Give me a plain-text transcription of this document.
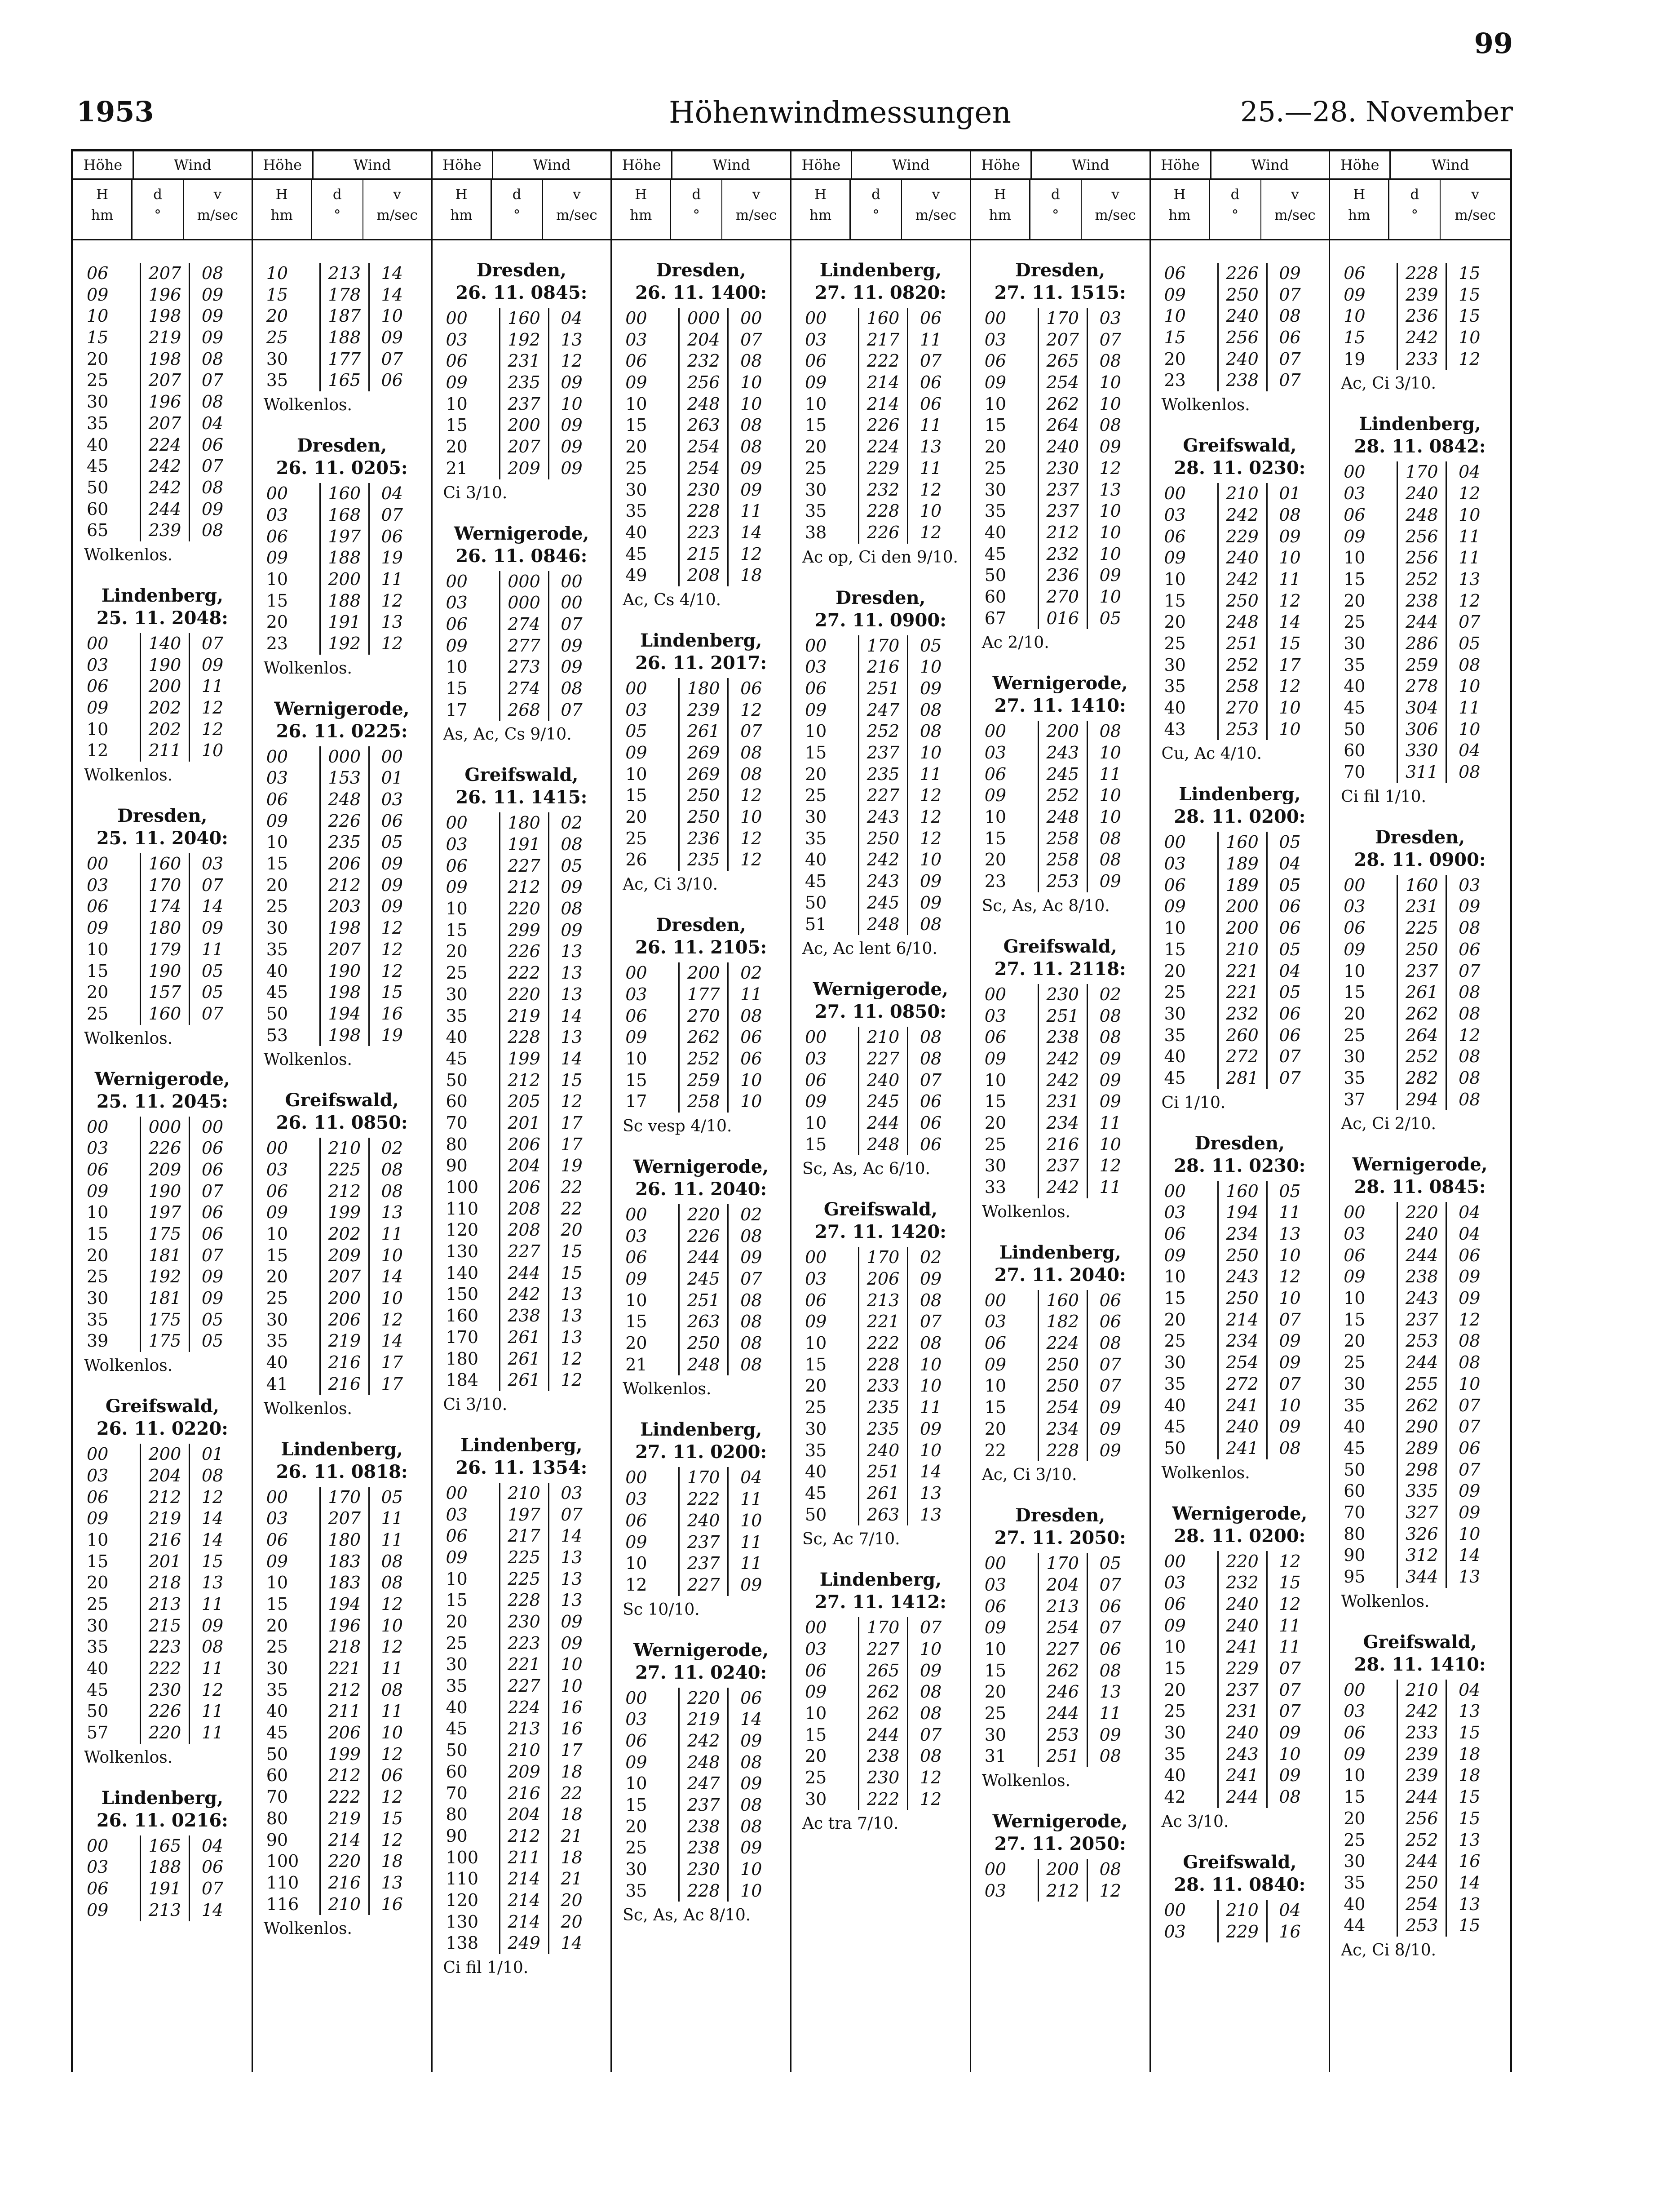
99
1953	Höhenwindmessungen	25.—28. November
Höhe	Wind
H
hm
d
°
v
m/sec
06	207	08
09	196	09
10	198	09
15	219	09
20	198	08
25	207	07
30	196	08
35	207	04
40	224	06
45	242	07
50	242	08
60	244	09
65	239	08
Wolkenlos.
Lindenberg,
25. 11. 2048:
00	140	07
03	190	09
06	200	11
09	202	12
10	202	12
12	211	10
Wolkenlos.
Dresden,
25. 11. 2040:
00	160	03
03	170	07
06	174	14
09	180	09
10	179	11
15	190	05
20	157	05
25	160	07
Wolkenlos.
Wernigerode,
25. 11. 2045:
00	000	00
03	226	06
06	209	06
09	190	07
10	197	06
15	175	06
20	181	07
25	192	09
30	181	09
35	175	05
39	175	05
Wolkenlos.
Greifswald,
26. 11. 0220:
00	200	01
03	204	08
06	212	12
09	219	14
10	216	14
15	201	15
20	218	13
25	213	11
30	215	09
35	223	08
40	222	11
45	230	12
50	226	11
57	220	11
Wolkenlos.
Lindenberg,
26. 11. 0216:
00	165	04
03	188	06
06	191	07
09	213	14
Höhe	Wind
H
hm
d
°
v
m/sec
10	213	14
15	178	14
20	187	10
25	188	09
30	177	07
35	165	06
Wolkenlos.
Dresden,
26. 11. 0205:
00	160	04
03	168	07
06	197	06
09	188	19
10	200	11
15	188	12
20	191	13
23	192	12
Wolkenlos.
Wernigerode,
26. 11. 0225:
00	000	00
03	153	01
06	248	03
09	226	06
10	235	05
15	206	09
20	212	09
25	203	09
30	198	12
35	207	12
40	190	12
45	198	15
50	194	16
53	198	19
Wolkenlos.
Greifswald,
26. 11. 0850:
00	210	02
03	225	08
06	212	08
09	199	13
10	202	11
15	209	10
20	207	14
25	200	10
30	206	12
35	219	14
40	216	17
41	216	17
Wolkenlos.
Lindenberg,
26. 11. 0818:
00	170	05
03	207	11
06	180	11
09	183	08
10	183	08
15	194	12
20	196	10
25	218	12
30	221	11
35	212	08
40	211	11
45	206	10
50	199	12
60	212	06
70	222	12
80	219	15
90	214	12
100	220	18
110	216	13
116	210	16
Wolkenlos.
Höhe	Wind
H
hm
d
°
v
m/sec
Dresden,
26. 11. 0845:
00	160	04
03	192	13
06	231	12
09	235	09
10	237	10
15	200	09
20	207	09
21	209	09
Ci 3/10.
Wernigerode,
26. 11. 0846:
00	000	00
03	000	00
06	274	07
09	277	09
10	273	09
15	274	08
17	268	07
As, Ac, Cs 9/10.
Greifswald,
26. 11. 1415:
00	180	02
03	191	08
06	227	05
09	212	09
10	220	08
15	299	09
20	226	13
25	222	13
30	220	13
35	219	14
40	228	13
45	199	14
50	212	15
60	205	12
70	201	17
80	206	17
90	204	19
100	206	22
110	208	22
120	208	20
130	227	15
140	244	15
150	242	13
160	238	13
170	261	13
180	261	12
184	261	12
Ci 3/10.
Lindenberg,
26. 11. 1354:
00	210	03
03	197	07
06	217	14
09	225	13
10	225	13
15	228	13
20	230	09
25	223	09
30	221	10
35	227	10
40	224	16
45	213	16
50	210	17
60	209	18
70	216	22
80	204	18
90	212	21
100	211	18
110	214	21
120	214	20
130	214	20
138	249	14
Ci fil 1/10.
Höhe	Wind
H
hm
d
°
v
m/sec
Dresden,
26. 11. 1400:
00	000	00
03	204	07
06	232	08
09	256	10
10	248	10
15	263	08
20	254	08
25	254	09
30	230	09
35	228	11
40	223	14
45	215	12
49	208	18
Ac, Cs 4/10.
Lindenberg,
26. 11. 2017:
00	180	06
03	239	12
05	261	07
09	269	08
10	269	08
15	250	12
20	250	10
25	236	12
26	235	12
Ac, Ci 3/10.
Dresden,
26. 11. 2105:
00	200	02
03	177	11
06	270	08
09	262	06
10	252	06
15	259	10
17	258	10
Sc vesp 4/10.
Wernigerode,
26. 11. 2040:
00	220	02
03	226	08
06	244	09
09	245	07
10	251	08
15	263	08
20	250	08
21	248	08
Wolkenlos.
Lindenberg,
27. 11. 0200:
00	170	04
03	222	11
06	240	10
09	237	11
10	237	11
12	227	09
Sc 10/10.
Wernigerode,
27. 11. 0240:
00	220	06
03	219	14
06	242	09
09	248	08
10	247	09
15	237	08
20	238	08
25	238	09
30	230	10
35	228	10
Sc, As, Ac 8/10.
Höhe	Wind
H
hm
d
°
v
m/sec
Lindenberg,
27. 11. 0820:
00	160	06
03	217	11
06	222	07
09	214	06
10	214	06
15	226	11
20	224	13
25	229	11
30	232	12
35	228	10
38	226	12
Ac op, Ci den 9/10.
Dresden,
27. 11. 0900:
00	170	05
03	216	10
06	251	09
09	247	08
10	252	08
15	237	10
20	235	11
25	227	12
30	243	12
35	250	12
40	242	10
45	243	09
50	245	09
51	248	08
Ac, Ac lent 6/10.
Wernigerode,
27. 11. 0850:
00	210	08
03	227	08
06	240	07
09	245	06
10	244	06
15	248	06
Sc, As, Ac 6/10.
Greifswald,
27. 11. 1420:
00	170	02
03	206	09
06	213	08
09	221	07
10	222	08
15	228	10
20	233	10
25	235	11
30	235	09
35	240	10
40	251	14
45	261	13
50	263	13
Sc, Ac 7/10.
Lindenberg,
27. 11. 1412:
00	170	07
03	227	10
06	265	09
09	262	08
10	262	08
15	244	07
20	238	08
25	230	12
30	222	12
Ac tra 7/10.
Höhe	Wind
H
hm
d
°
v
m/sec
Dresden,
27. 11. 1515:
00	170	03
03	207	07
06	265	08
09	254	10
10	262	10
15	264	08
20	240	09
25	230	12
30	237	13
35	237	10
40	212	10
45	232	10
50	236	09
60	270	10
67	016	05
Ac 2/10.
Wernigerode,
27. 11. 1410:
00	200	08
03	243	10
06	245	11
09	252	10
10	248	10
15	258	08
20	258	08
23	253	09
Sc, As, Ac 8/10.
Greifswald,
27. 11. 2118:
00	230	02
03	251	08
06	238	08
09	242	09
10	242	09
15	231	09
20	234	11
25	216	10
30	237	12
33	242	11
Wolkenlos.
Lindenberg,
27. 11. 2040:
00	160	06
03	182	06
06	224	08
09	250	07
10	250	07
15	254	09
20	234	09
22	228	09
Ac, Ci 3/10.
Dresden,
27. 11. 2050:
00	170	05
03	204	07
06	213	06
09	254	07
10	227	06
15	262	08
20	246	13
25	244	11
30	253	09
31	251	08
Wolkenlos.
Wernigerode,
27. 11. 2050:
00	200	08
03	212	12
Höhe	Wind
H
hm
d
°
v
m/sec
06	226	09
09	250	07
10	240	08
15	256	06
20	240	07
23	238	07
Wolkenlos.
Greifswald,
28. 11. 0230:
00	210	01
03	242	08
06	229	09
09	240	10
10	242	11
15	250	12
20	248	14
25	251	15
30	252	17
35	258	12
40	270	10
43	253	10
Cu, Ac 4/10.
Lindenberg,
28. 11. 0200:
00	160	05
03	189	04
06	189	05
09	200	06
10	200	06
15	210	05
20	221	04
25	221	05
30	232	06
35	260	06
40	272	07
45	281	07
Ci 1/10.
Dresden,
28. 11. 0230:
00	160	05
03	194	11
06	234	13
09	250	10
10	243	12
15	250	10
20	214	07
25	234	09
30	254	09
35	272	07
40	241	10
45	240	09
50	241	08
Wolkenlos.
Wernigerode,
28. 11. 0200:
00	220	12
03	232	15
06	240	12
09	240	11
10	241	11
15	229	07
20	237	07
25	231	07
30	240	09
35	243	10
40	241	09
42	244	08
Ac 3/10.
Greifswald,
28. 11. 0840:
00	210	04
03	229	16
Höhe	Wind
H
hm
d
°
v
m/sec
06	228	15
09	239	15
10	236	15
15	242	10
19	233	12
Ac, Ci 3/10.
Lindenberg,
28. 11. 0842:
00	170	04
03	240	12
06	248	10
09	256	11
10	256	11
15	252	13
20	238	12
25	244	07
30	286	05
35	259	08
40	278	10
45	304	11
50	306	10
60	330	04
70	311	08
Ci fil 1/10.
Dresden,
28. 11. 0900:
00	160	03
03	231	09
06	225	08
09	250	06
10	237	07
15	261	08
20	262	08
25	264	12
30	252	08
35	282	08
37	294	08
Ac, Ci 2/10.
Wernigerode,
28. 11. 0845:
00	220	04
03	240	04
06	244	06
09	238	09
10	243	09
15	237	12
20	253	08
25	244	08
30	255	10
35	262	07
40	290	07
45	289	06
50	298	07
60	335	09
70	327	09
80	326	10
90	312	14
95	344	13
Wolkenlos.
Greifswald,
28. 11. 1410:
00	210	04
03	242	13
06	233	15
09	239	18
10	239	18
15	244	15
20	256	15
25	252	13
30	244	16
35	250	14
40	254	13
44	253	15
Ac, Ci 8/10.
